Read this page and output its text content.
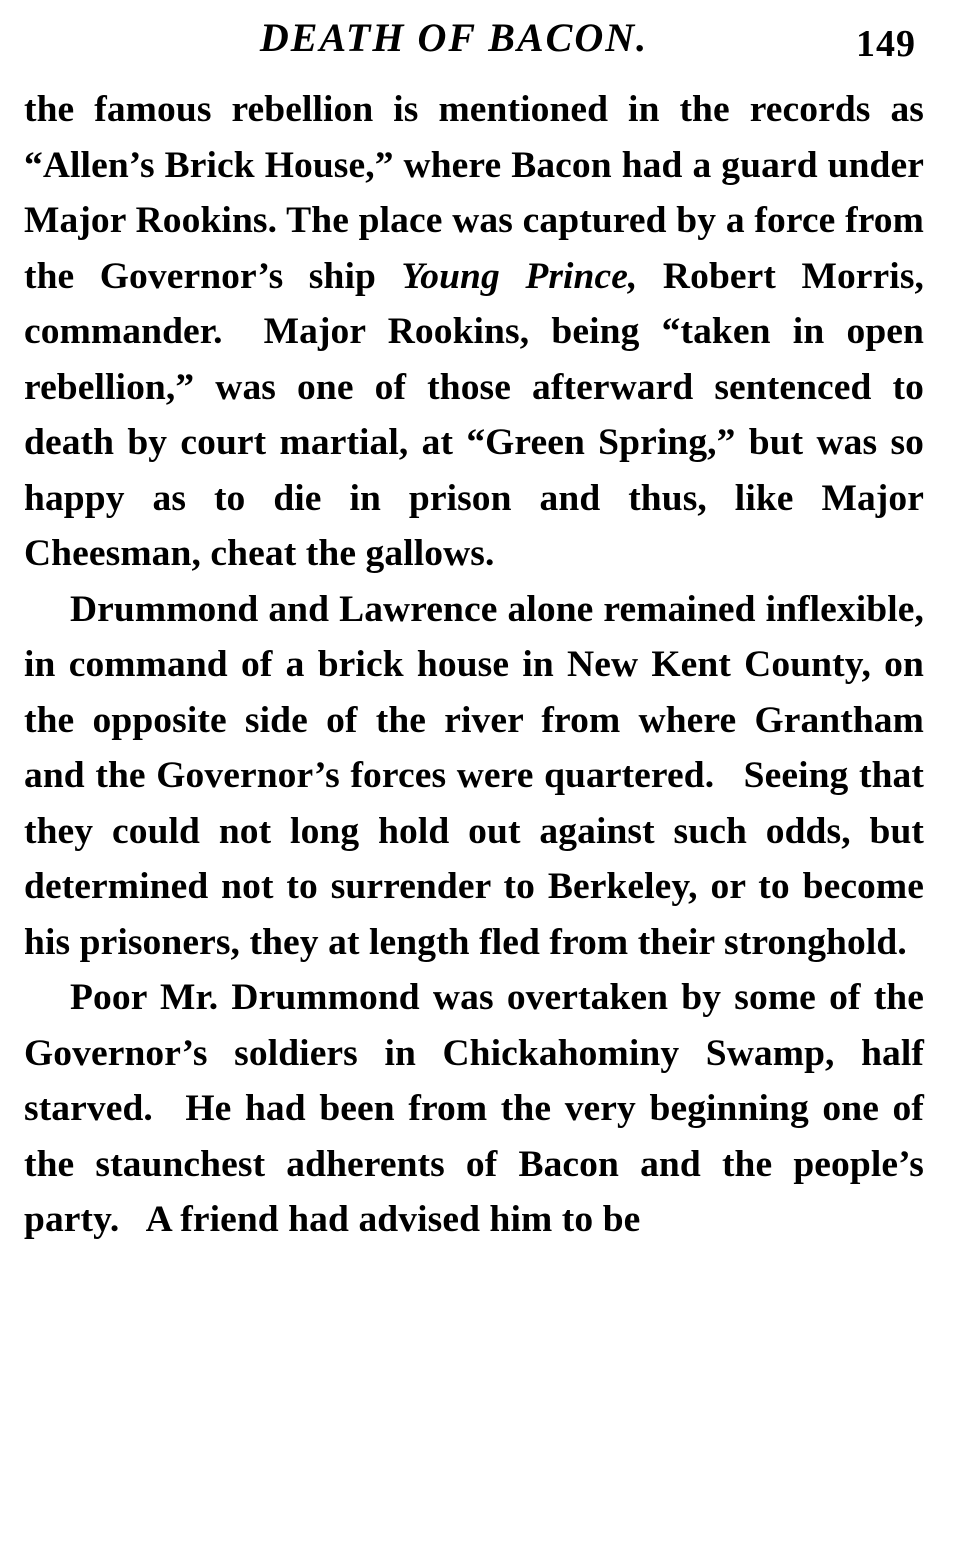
DEATH OF BACON.	149

the famous rebellion is mentioned in the records as “Allen’s Brick House,” where Bacon had a guard under Major Rookins. The place was captured by a force from the Governor’s ship Young Prince, Robert Morris, commander.  Major Rookins, being “taken in open rebellion,” was one of those afterward sentenced to death by court martial, at “Green Spring,” but was so happy as to die in prison and thus, like Major Cheesman, cheat the gallows.

Drummond and Lawrence alone remained inflexible, in command of a brick house in New Kent County, on the opposite side of the river from where Grantham and the Governor’s forces were quartered.  Seeing that they could not long hold out against such odds, but determined not to surrender to Berkeley, or to become his prisoners, they at length fled from their stronghold.

Poor Mr. Drummond was overtaken by some of the Governor’s soldiers in Chickahominy Swamp, half starved.  He had been from the very beginning one of the staunchest adherents of Bacon and the people’s party.  A friend had advised him to be
